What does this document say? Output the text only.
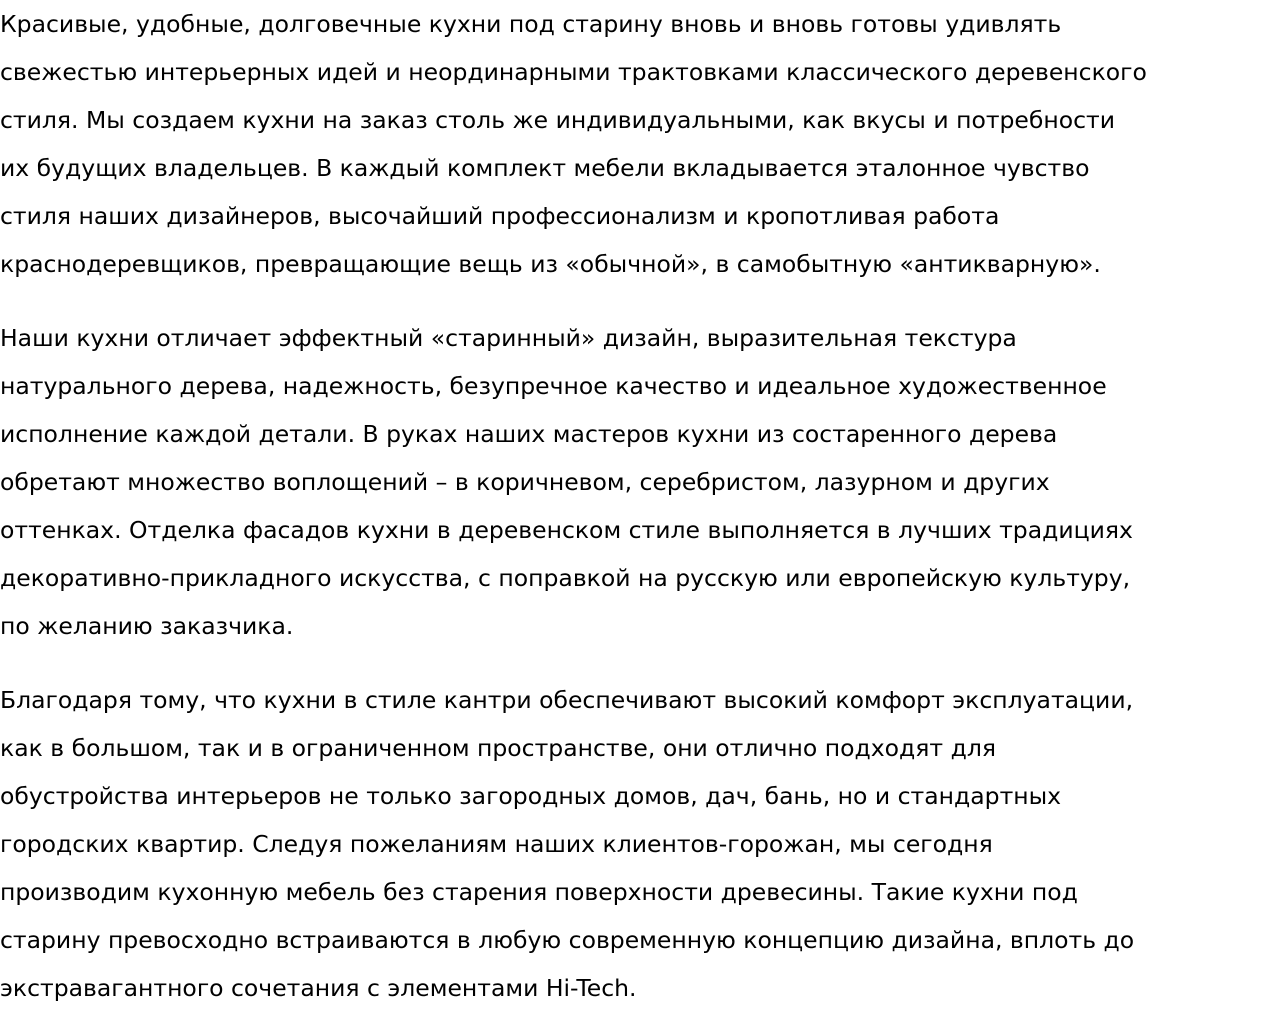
Красивые, удобные, долговечные кухни под старину вновь и вновь готовы удивлять
свежестью интерьерных идей и неординарными трактовками классического деревенского
стиля. Мы создаем кухни на заказ столь же индивидуальными, как вкусы и потребности
их будущих владельцев. В каждый комплект мебели вкладывается эталонное чувство
стиля наших дизайнеров, высочайший профессионализм и кропотливая работа
краснодеревщиков, превращающие вещь из «обычной», в самобытную «антикварную».

Наши кухни отличает эффектный «старинный» дизайн, выразительная текстура
натурального дерева, надежность, безупречное качество и идеальное художественное
исполнение каждой детали. В руках наших мастеров кухни из состаренного дерева
обретают множество воплощений – в коричневом, серебристом, лазурном и других
оттенках. Отделка фасадов кухни в деревенском стиле выполняется в лучших традициях
декоративно-прикладного искусства, с поправкой на русскую или европейскую культуру,
по желанию заказчика.

Благодаря тому, что кухни в стиле кантри обеспечивают высокий комфорт эксплуатации,
как в большом, так и в ограниченном пространстве, они отлично подходят для
обустройства интерьеров не только загородных домов, дач, бань, но и стандартных
городских квартир. Следуя пожеланиям наших клиентов-горожан, мы сегодня
производим кухонную мебель без старения поверхности древесины. Такие кухни под
старину превосходно встраиваются в любую современную концепцию дизайна, вплоть до
экстравагантного сочетания с элементами Hi-Tech.
